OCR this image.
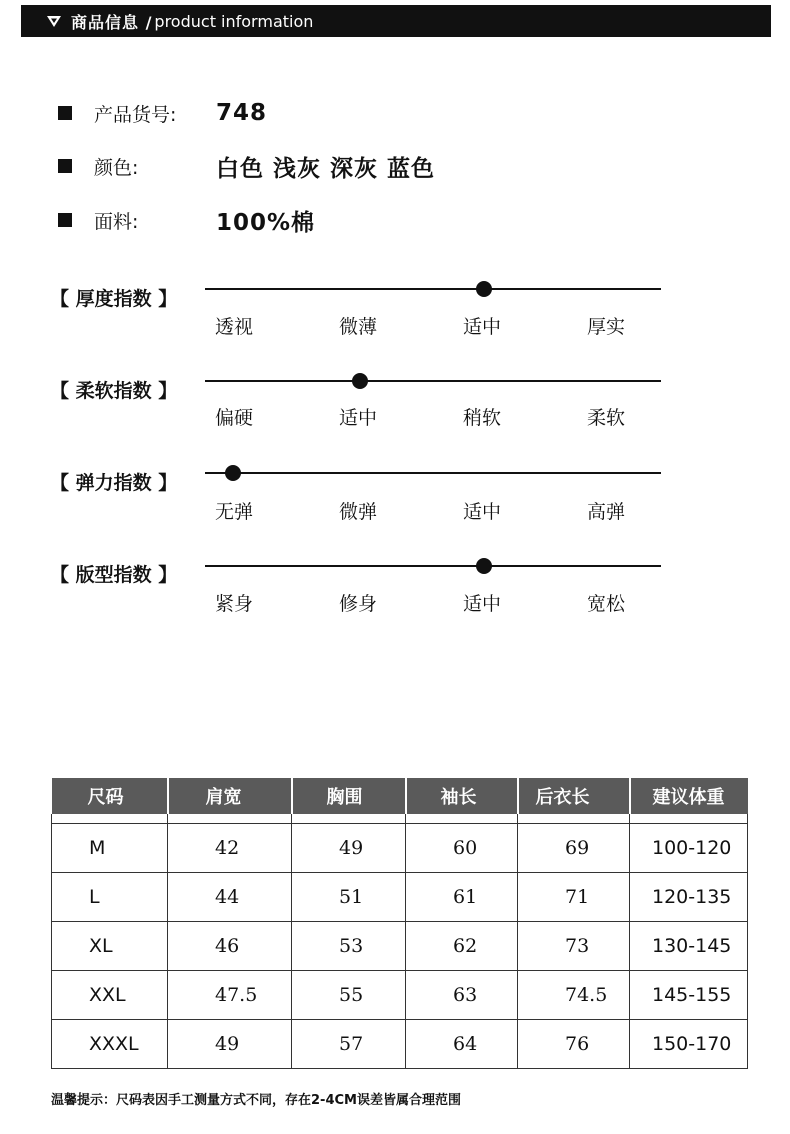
商品信息 / product information
产品货号:	748
颜色:	白色 浅灰 深灰 蓝色
面料:	100%棉
【 厚度指数 】
透视	微薄	适中	厚实
【 柔软指数 】
偏硬	适中	稍软	柔软
【 弹力指数 】
无弹	微弹	适中	高弹
【 版型指数 】
紧身	修身	适中	宽松
尺码	肩宽	胸围	袖长	后衣长	建议体重

M	42	49	60	69	100-120
L	44	51	61	71	120-135
XL	46	53	62	73	130-145
XXL	47.5	55	63	74.5	145-155
XXXL	49	57	64	76	150-170
温馨提示：尺码表因手工测量方式不同，存在2-4CM误差皆属合理范围
